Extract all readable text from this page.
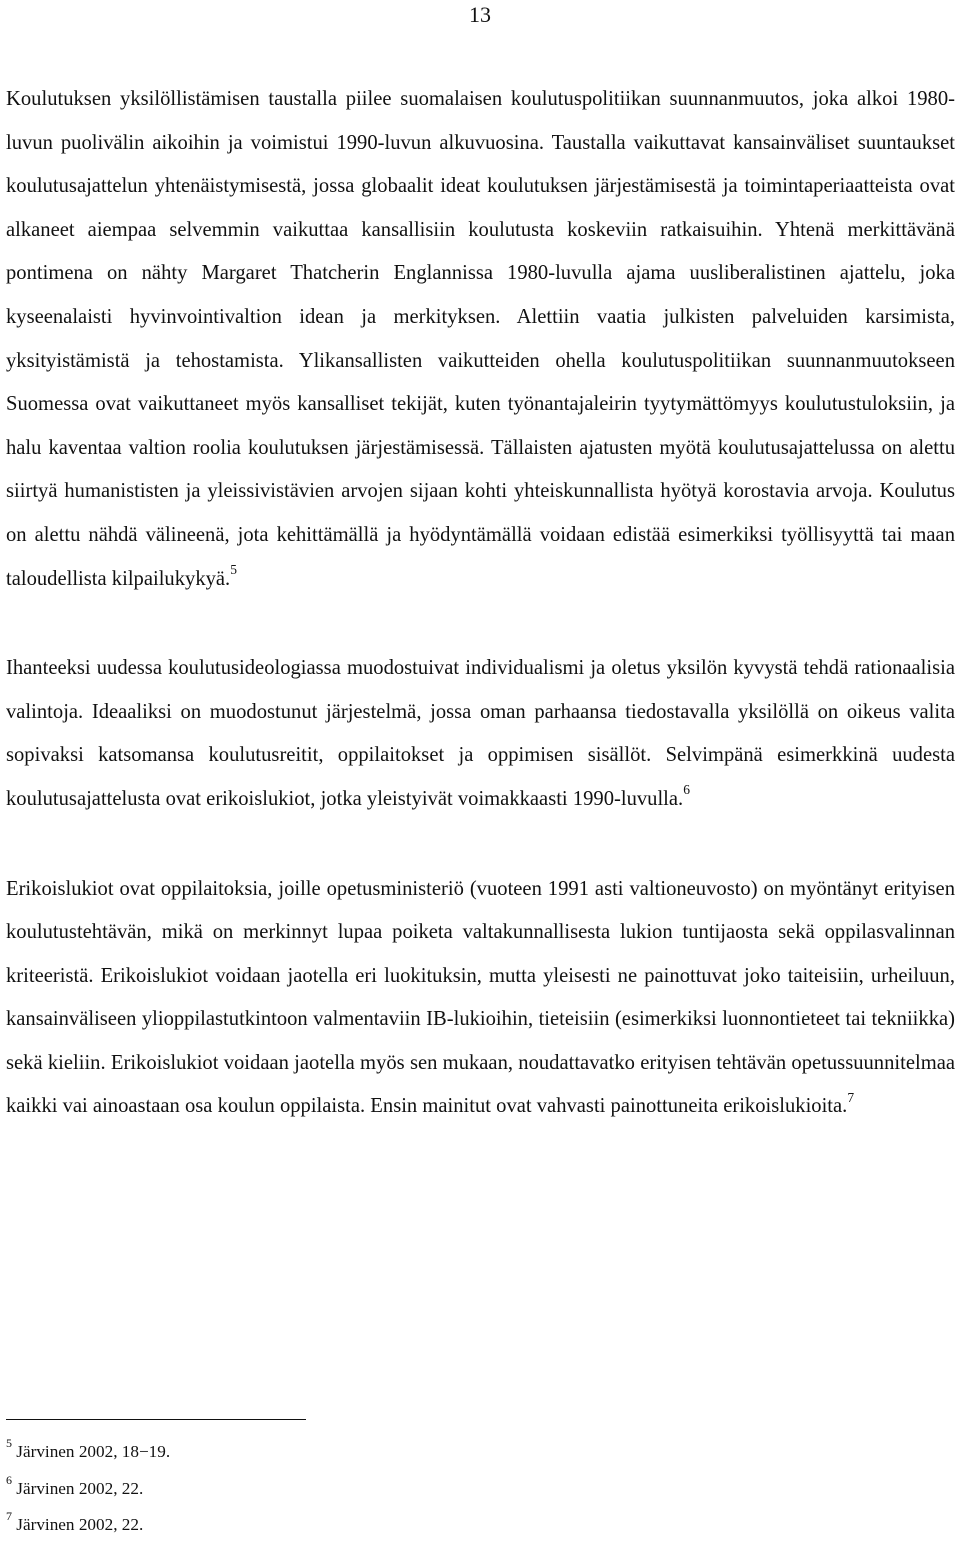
13

Koulutuksen yksilöllistämisen taustalla piilee suomalaisen koulutuspolitiikan suunnanmuutos, joka alkoi 1980-luvun puolivälin aikoihin ja voimistui 1990-luvun alkuvuosina. Taustalla vaikuttavat kansainväliset suuntaukset koulutusajattelun yhtenäistymisestä, jossa globaalit ideat koulutuksen järjestämisestä ja toimintaperiaatteista ovat alkaneet aiempaa selvemmin vaikuttaa kansallisiin koulutusta koskeviin ratkaisuihin. Yhtenä merkittävänä pontimena on nähty Margaret Thatcherin Englannissa 1980-luvulla ajama uusliberalistinen ajattelu, joka kyseenalaisti hyvinvointivaltion idean ja merkityksen. Alettiin vaatia julkisten palveluiden karsimista, yksityistämistä ja tehostamista. Ylikansallisten vaikutteiden ohella koulutuspolitiikan suunnanmuutokseen Suomessa ovat vaikuttaneet myös kansalliset tekijät, kuten työnantajaleirin tyytymättömyys koulutustuloksiin, ja halu kaventaa valtion roolia koulutuksen järjestämisessä. Tällaisten ajatusten myötä koulutusajattelussa on alettu siirtyä humanististen ja yleissivistävien arvojen sijaan kohti yhteiskunnallista hyötyä korostavia arvoja. Koulutus on alettu nähdä välineenä, jota kehittämällä ja hyödyntämällä voidaan edistää esimerkiksi työllisyyttä tai maan taloudellista kilpailukykyä.$^5$

Ihanteeksi uudessa koulutusideologiassa muodostuivat individualismi ja oletus yksilön kyvystä tehdä rationaalisia valintoja. Ideaaliksi on muodostunut järjestelmä, jossa oman parhaansa tiedostavalla yksilöllä on oikeus valita sopivaksi katsomansa koulutusreitit, oppilaitokset ja oppimisen sisällöt. Selvimpänä esimerkkinä uudesta koulutusajattelusta ovat erikoislukiot, jotka yleistyivät voimakkaasti 1990-luvulla.$^6$

Erikoislukiot ovat oppilaitoksia, joille opetusministeriö (vuoteen 1991 asti valtioneuvosto) on myöntänyt erityisen koulutustehtävän, mikä on merkinnyt lupaa poiketa valtakunnallisesta lukion tuntijaosta sekä oppilasvalinnan kriteeristä. Erikoislukiot voidaan jaotella eri luokituksin, mutta yleisesti ne painottuvat joko taiteisiin, urheiluun, kansainväliseen ylioppilastutkintoon valmentaviin IB-lukioihin, tieteisiin (esimerkiksi luonnontieteet tai tekniikka) sekä kieliin. Erikoislukiot voidaan jaotella myös sen mukaan, noudattavatko erityisen tehtävän opetussuunnitelmaa kaikki vai ainoastaan osa koulun oppilaista. Ensin mainitut ovat vahvasti painottuneita erikoislukioita.$^7$

$^5$ Järvinen 2002, 18−19.

$^6$ Järvinen 2002, 22.

$^7$ Järvinen 2002, 22.
